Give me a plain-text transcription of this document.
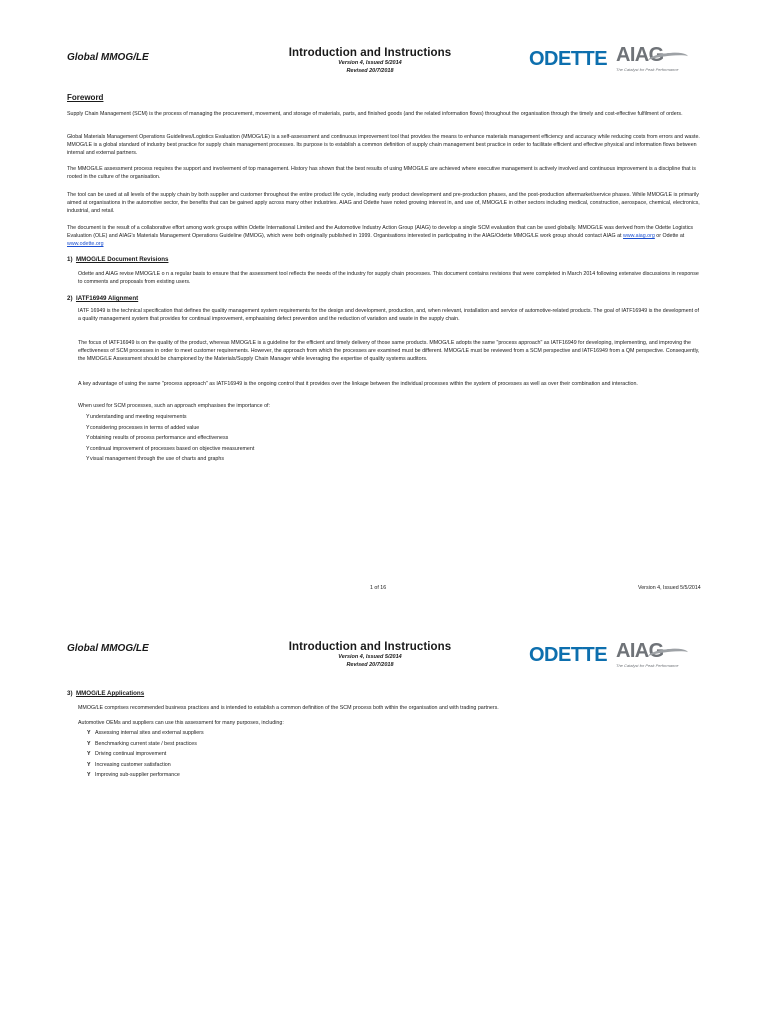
Global MMOG/LE	Introduction and Instructions
Version 4, Issued 5/2014
Revised 20/7/2018
ODETTE AIAG
The Catalyst for Peak Performance
Foreword

Supply Chain Management (SCM) is the process of managing the procurement, movement, and storage of materials, parts, and finished goods (and the related information flows) throughout the organisation through the timely and cost-effective fulfilment of orders.

Global Materials Management Operations Guidelines/Logistics Evaluation (MMOG/LE) is a self-assessment and continuous improvement tool that provides the means to enhance materials management efficiency and accuracy while reducing costs from errors and waste. MMOG/LE is a global standard of industry best practice for supply chain management processes. Its purpose is to establish a common definition of supply chain management best practice in order to facilitate efficient and effective physical and information flows between internal and external partners.

The MMOG/LE assessment process requires the support and involvement of top management. History has shown that the best results of using MMOG/LE are achieved where executive management is actively involved and continuous improvement is a discipline that is rooted in the culture of the organisation.

The tool can be used at all levels of the supply chain by both supplier and customer throughout the entire product life cycle, including early product development and pre-production phases, and the post-production aftermarket/service phases. While MMOG/LE is primarily aimed at organisations in the automotive sector, the benefits that can be gained apply across many other industries. AIAG and Odette have noted growing interest in, and use of, MMOG/LE in other sectors including medical, construction, aerospace, chemical, electronics, industrial, and retail.

The document is the result of a collaborative effort among work groups within Odette International Limited and the Automotive Industry Action Group (AIAG) to develop a single SCM evaluation that can be used globally. MMOG/LE was derived from the Odette Logistics Evaluation (OLE) and AIAG's Materials Management Operations Guideline (MMOG), which were both originally published in 1999. Organisations interested in participating in the AIAG/Odette MMOG/LE work group should contact AIAG at www.aiag.org or Odette at www.odette.org

1) MMOG/LE Document Revisions

Odette and AIAG revise MMOG/LE o n a regular basis to ensure that the assessment tool reflects the needs of the industry for supply chain processes. This document contains revisions that were completed in March 2014 following extensive discussions in response to comments and proposals from existing users.

2) IATF16949 Alignment

IATF 16949 is the technical specification that defines the quality management system requirements for the design and development, production, and, when relevant, installation and service of automotive-related products. The goal of IATF16949 is the development of a quality management system that provides for continual improvement, emphasising defect prevention and the reduction of variation and waste in the supply chain.

The focus of IATF16949 is on the quality of the product, whereas MMOG/LE is a guideline for the efficient and timely delivery of those same products. MMOG/LE adopts the same "process approach" as IATF16949 for developing, implementing, and improving the effectiveness of SCM processes in order to meet customer requirements. However, the approach from which the processes are examined must be different. MMOG/LE must be reviewed from a SCM perspective and IATF16949 from a QM perspective. Consequently, the MMOG/LE Assessment should be championed by the Materials/Supply Chain Manager while leveraging the expertise of quality systems auditors.

A key advantage of using the same "process approach" as IATF16949 is the ongoing control that it provides over the linkage between the individual processes within the system of processes as well as over their combination and interaction.

When used for SCM processes, such an approach emphasises the importance of:

Y understanding and meeting requirements
Y considering processes in terms of added value
Y obtaining results of process performance and effectiveness
Y continual improvement of processes based on objective measurement
Y visual management through the use of charts and graphs
1 of 16	Version 4, Issued 5/5/2014
Global MMOG/LE	Introduction and Instructions
Version 4, Issued 5/2014
Revised 20/7/2018	ODETTE AIAG
The Catalyst for Peak Performance
3) MMOG/LE Applications

MMOG/LE comprises recommended business practices and is intended to establish a common definition of the SCM process both within the organisation and with trading partners.

Automotive OEMs and suppliers can use this assessment for many purposes, including:

Y Assessing internal sites and external suppliers
Y Benchmarking current state / best practices
Y Driving continual improvement
Y Increasing customer satisfaction
Y Improving sub-supplier performance
